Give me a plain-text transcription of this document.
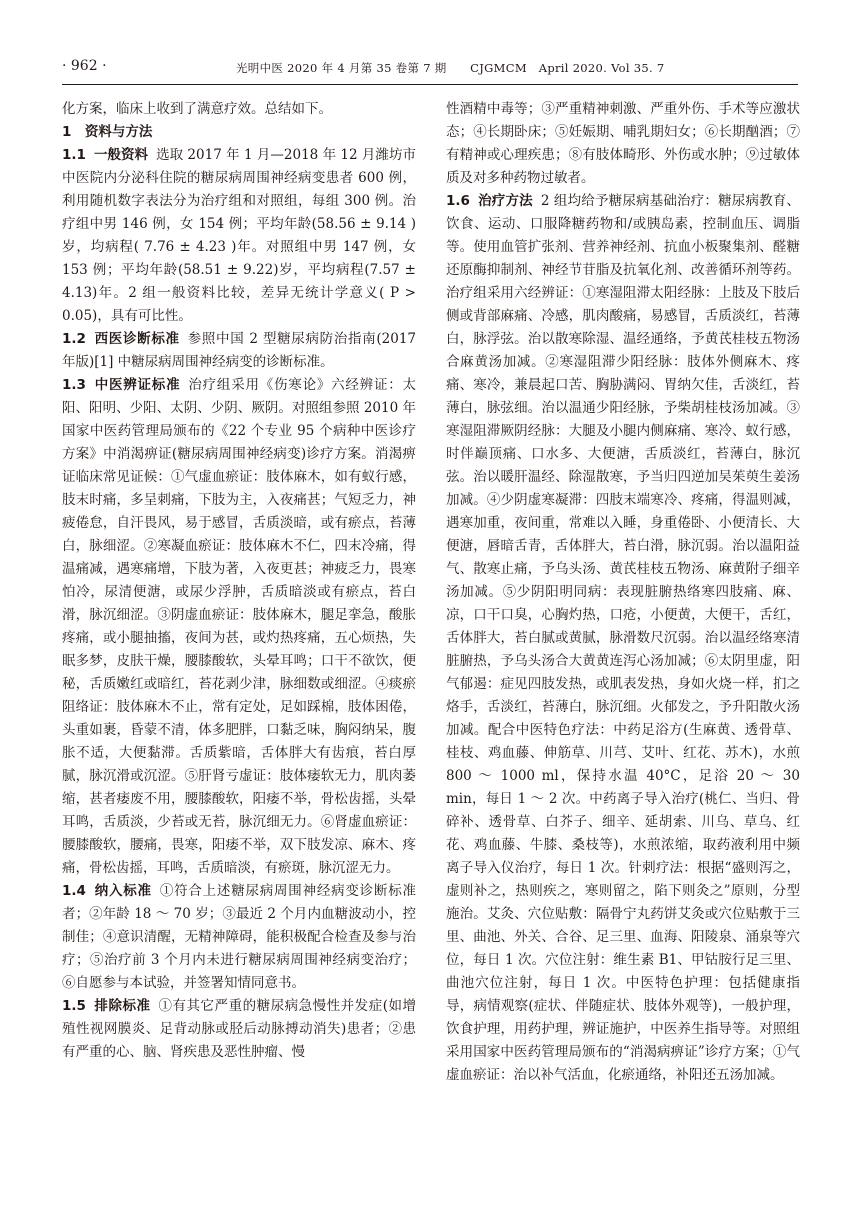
· 962 ·	光明中医 2020 年 4 月第 35 卷第 7 期　　CJGMCM　April 2020. Vol 35. 7

化方案，临床上收到了满意疗效。总结如下。

1　 资料与方法

1.1 一般资料 选取 2017 年 1 月—2018 年 12 月潍坊市中医院内分泌科住院的糖尿病周围神经病变患者 600 例，利用随机数字表法分为治疗组和对照组，每组 300 例。治疗组中男 146 例，女 154 例；平均年龄(58.56 ± 9.14 )岁，均病程( 7.76 ± 4.23 )年。对照组中男 147 例，女 153 例；平均年龄(58.51 ± 9.22)岁，平均病程(7.57 ± 4.13)年。2 组一般资料比较，差异无统计学意义( P > 0.05)，具有可比性。

1.2 西医诊断标准 参照中国 2 型糖尿病防治指南(2017 年版)[1] 中糖尿病周围神经病变的诊断标准。

1.3 中医辨证标准 治疗组采用《伤寒论》六经辨证：太阳、阳明、少阳、太阴、少阴、厥阴。对照组参照 2010 年国家中医药管理局颁布的《22 个专业 95 个病种中医诊疗方案》中消渴痹证(糖尿病周围神经病变)诊疗方案。消渴痹证临床常见证候：①气虚血瘀证：肢体麻木，如有蚁行感，肢末时痛，多呈刺痛，下肢为主，入夜痛甚；气短乏力，神疲倦怠，自汗畏风，易于感冒，舌质淡暗，或有瘀点，苔薄白，脉细涩。②寒凝血瘀证：肢体麻木不仁，四末冷痛，得温痛减，遇寒痛增，下肢为著，入夜更甚；神疲乏力，畏寒怕冷，尿清便溏，或尿少浮肿，舌质暗淡或有瘀点，苔白滑，脉沉细涩。③阴虚血瘀证：肢体麻木，腿足挛急，酸胀疼痛，或小腿抽搐，夜间为甚，或灼热疼痛，五心烦热，失眠多梦，皮肤干燥，腰膝酸软，头晕耳鸣；口干不欲饮，便秘，舌质嫩红或暗红，苔花剥少津，脉细数或细涩。④痰瘀阻络证：肢体麻木不止，常有定处，足如踩棉，肢体困倦，头重如裹，昏蒙不清，体多肥胖，口黏乏味，胸闷纳呆，腹胀不适，大便黏滞。舌质紫暗，舌体胖大有齿痕，苔白厚腻，脉沉滑或沉涩。⑤肝肾亏虚证：肢体痿软无力，肌肉萎缩，甚者痿废不用，腰膝酸软，阳痿不举，骨松齿摇，头晕耳鸣，舌质淡，少苔或无苔，脉沉细无力。⑥肾虚血瘀证：腰膝酸软，腰痛，畏寒，阳痿不举，双下肢发凉、麻木、疼痛，骨松齿摇，耳鸣，舌质暗淡，有瘀斑，脉沉涩无力。

1.4 纳入标准 ①符合上述糖尿病周围神经病变诊断标准者；②年龄 18 ～ 70 岁；③最近 2 个月内血糖波动小，控制佳；④意识清醒，无精神障碍，能积极配合检查及参与治疗；⑤治疗前 3 个月内未进行糖尿病周围神经病变治疗；⑥自愿参与本试验，并签署知情同意书。

1.5 排除标准 ①有其它严重的糖尿病急慢性并发症(如增殖性视网膜炎、足背动脉或胫后动脉搏动消失)患者；②患有严重的心、脑、肾疾患及恶性肿瘤、慢

性酒精中毒等；③严重精神刺激、严重外伤、手术等应激状态；④长期卧床；⑤妊娠期、哺乳期妇女；⑥长期酗酒；⑦有精神或心理疾患；⑧有肢体畸形、外伤或水肿；⑨过敏体质及对多种药物过敏者。

1.6 治疗方法 2 组均给予糖尿病基础治疗：糖尿病教育、饮食、运动、口服降糖药物和/或胰岛素，控制血压、调脂等。使用血管扩张剂、营养神经剂、抗血小板聚集剂、醛糖还原酶抑制剂、神经节苷脂及抗氧化剂、改善循环剂等药。治疗组采用六经辨证：①寒湿阻滞太阳经脉：上肢及下肢后侧或背部麻痛、冷感，肌肉酸痛，易感冒，舌质淡红，苔薄白，脉浮弦。治以散寒除湿、温经通络，予黄芪桂枝五物汤合麻黄汤加减。②寒湿阻滞少阳经脉：肢体外侧麻木、疼痛、寒冷，兼晨起口苦、胸胁满闷、胃纳欠佳，舌淡红，苔薄白，脉弦细。治以温通少阳经脉，予柴胡桂枝汤加减。③寒湿阻滞厥阴经脉：大腿及小腿内侧麻痛、寒冷、蚁行感，时伴巅顶痛、口水多、大便溏，舌质淡红，苔薄白，脉沉弦。治以暖肝温经、除湿散寒，予当归四逆加吴茱萸生姜汤加减。④少阴虚寒凝滞：四肢末端寒冷、疼痛，得温则减，遇寒加重，夜间重，常难以入睡，身重倦卧、小便清长、大便溏，唇暗舌青，舌体胖大，苔白滑，脉沉弱。治以温阳益气、散寒止痛，予乌头汤、黄芪桂枝五物汤、麻黄附子细辛汤加减。⑤少阴阳明同病：表现脏腑热络寒四肢痛、麻、凉，口干口臭，心胸灼热，口疮，小便黄，大便干，舌红，舌体胖大，苔白腻或黄腻，脉滑数尺沉弱。治以温经络寒清脏腑热，予乌头汤合大黄黄连泻心汤加减；⑥太阴里虚，阳气郁遏：症见四肢发热，或肌表发热，身如火烧一样，扪之烙手，舌淡红，苔薄白，脉沉细。火郁发之，予升阳散火汤加减。配合中医特色疗法：中药足浴方(生麻黄、透骨草、桂枝、鸡血藤、伸筋草、川芎、艾叶、红花、苏木)，水煎 800 ～ 1000 ml，保持水温 40°C，足浴 20 ～ 30 min，每日 1 ～ 2 次。中药离子导入治疗(桃仁、当归、骨碎补、透骨草、白芥子、细辛、延胡索、川乌、草乌、红花、鸡血藤、牛膝、桑枝等)，水煎浓缩，取药液利用中频离子导入仪治疗，每日 1 次。针刺疗法：根据“盛则泻之，虚则补之，热则疾之，寒则留之，陷下则灸之”原则，分型施治。艾灸、穴位贴敷：隔骨宁丸药饼艾灸或穴位贴敷于三里、曲池、外关、合谷、足三里、血海、阳陵泉、涌泉等穴位，每日 1 次。穴位注射：维生素 B1、甲钴胺行足三里、曲池穴位注射，每日 1 次。中医特色护理：包括健康指导，病情观察(症状、伴随症状、肢体外观等)，一般护理，饮食护理，用药护理，辨证施护，中医养生指导等。对照组采用国家中医药管理局颁布的“消渴病痹证”诊疗方案；①气虚血瘀证：治以补气活血，化瘀通络，补阳还五汤加减。
